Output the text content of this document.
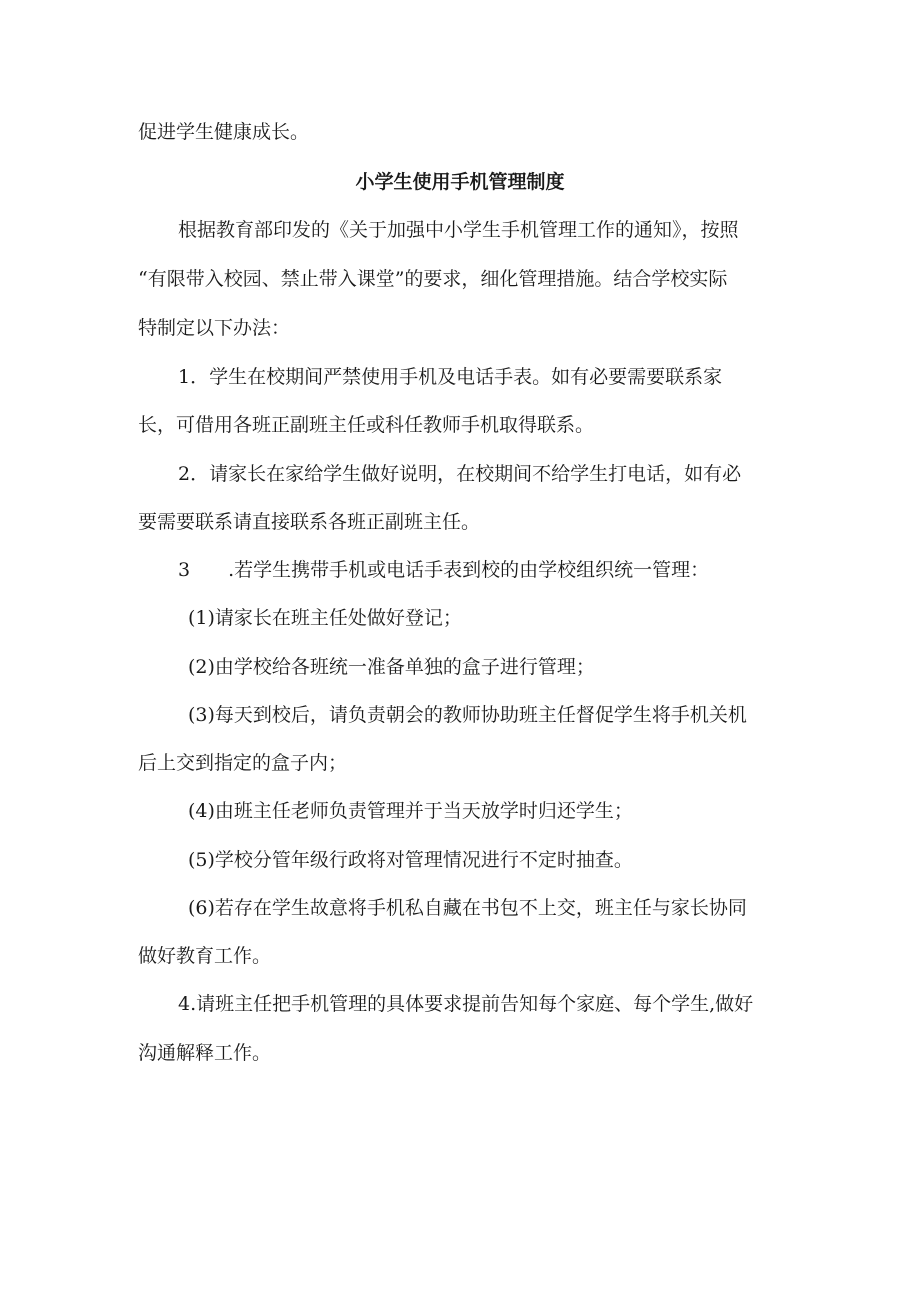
促进学生健康成长。
小学生使用手机管理制度
根据教育部印发的《关于加强中小学生手机管理工作的通知》，按照
“有限带入校园、禁止带入课堂”的要求，细化管理措施。结合学校实际
特制定以下办法：
1．学生在校期间严禁使用手机及电话手表。如有必要需要联系家
长，可借用各班正副班主任或科任教师手机取得联系。
2．请家长在家给学生做好说明，在校期间不给学生打电话，如有必
要需要联系请直接联系各班正副班主任。
3　　.若学生携带手机或电话手表到校的由学校组织统一管理：
(1)请家长在班主任处做好登记；
(2)由学校给各班统一准备单独的盒子进行管理；
(3)每天到校后，请负责朝会的教师协助班主任督促学生将手机关机
后上交到指定的盒子内；
(4)由班主任老师负责管理并于当天放学时归还学生；
(5)学校分管年级行政将对管理情况进行不定时抽查。
(6)若存在学生故意将手机私自藏在书包不上交，班主任与家长协同
做好教育工作。
4.请班主任把手机管理的具体要求提前告知每个家庭、每个学生,做好
沟通解释工作。
